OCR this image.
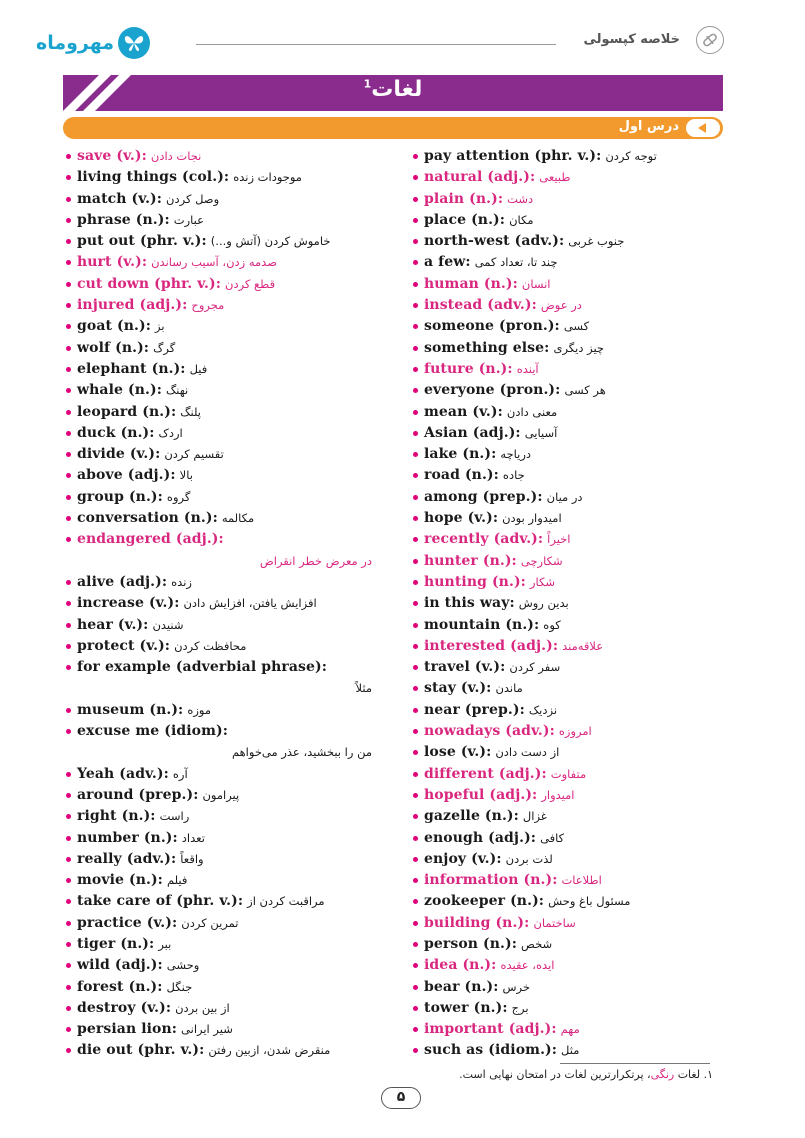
مهروماه	خلاصه کپسولی
لغات$^1$
درس اول
save (v.): نجات دادن
living things (col.): موجودات زنده
match (v.): وصل کردن
phrase (n.): عبارت
put out (phr. v.): خاموش کردن (آتش و...)
hurt (v.): صدمه زدن، آسیب رساندن
cut down (phr. v.): قطع کردن
injured (adj.): مجروح
goat (n.): بز
wolf (n.): گرگ
elephant (n.): فیل
whale (n.): نهنگ
leopard (n.): پلنگ
duck (n.): اردک
divide (v.): تقسیم کردن
above (adj.): بالا
group (n.): گروه
conversation (n.): مکالمه
endangered (adj.):
در معرض خطر انقراض
alive (adj.): زنده
increase (v.): افزایش یافتن، افزایش دادن
hear (v.): شنیدن
protect (v.): محافظت کردن
for example (adverbial phrase):
مثلاً
museum (n.): موزه
excuse me (idiom):
من را ببخشید، عذر می‌خواهم
Yeah (adv.): آره
around (prep.): پیرامون
right (n.): راست
number (n.): تعداد
really (adv.): واقعاً
movie (n.): فیلم
take care of (phr. v.): مراقبت کردن از
practice (v.): تمرین کردن
tiger (n.): ببر
wild (adj.): وحشی
forest (n.): جنگل
destroy (v.): از بین بردن
persian lion: شیر ایرانی
die out (phr. v.): منقرض شدن، ازبین رفتن
pay attention (phr. v.): توجه کردن
natural (adj.): طبیعی
plain (n.): دشت
place (n.): مکان
north-west (adv.): جنوب غربی
a few: چند تا، تعداد کمی
human (n.): انسان
instead (adv.): در عوض
someone (pron.): کسی
something else: چیز دیگری
future (n.): آینده
everyone (pron.): هر کسی
mean (v.): معنی دادن
Asian (adj.): آسیایی
lake (n.): دریاچه
road (n.): جاده
among (prep.): در میان
hope (v.): امیدوار بودن
recently (adv.): اخیراً
hunter (n.): شکارچی
hunting (n.): شکار
in this way: بدین روش
mountain (n.): کوه
interested (adj.): علاقه‌مند
travel (v.): سفر کردن
stay (v.): ماندن
near (prep.): نزدیک
nowadays (adv.): امروزه
lose (v.): از دست دادن
different (adj.): متفاوت
hopeful (adj.): امیدوار
gazelle (n.): غزال
enough (adj.): کافی
enjoy (v.): لذت بردن
information (n.): اطلاعات
zookeeper (n.): مسئول باغ وحش
building (n.): ساختمان
person (n.): شخص
idea (n.): ایده، عقیده
bear (n.): خرس
tower (n.): برج
important (adj.): مهم
such as (idiom.): مثل
۱. لغات رنگی، پرتکرارترین لغات در امتحان نهایی است.
۵
